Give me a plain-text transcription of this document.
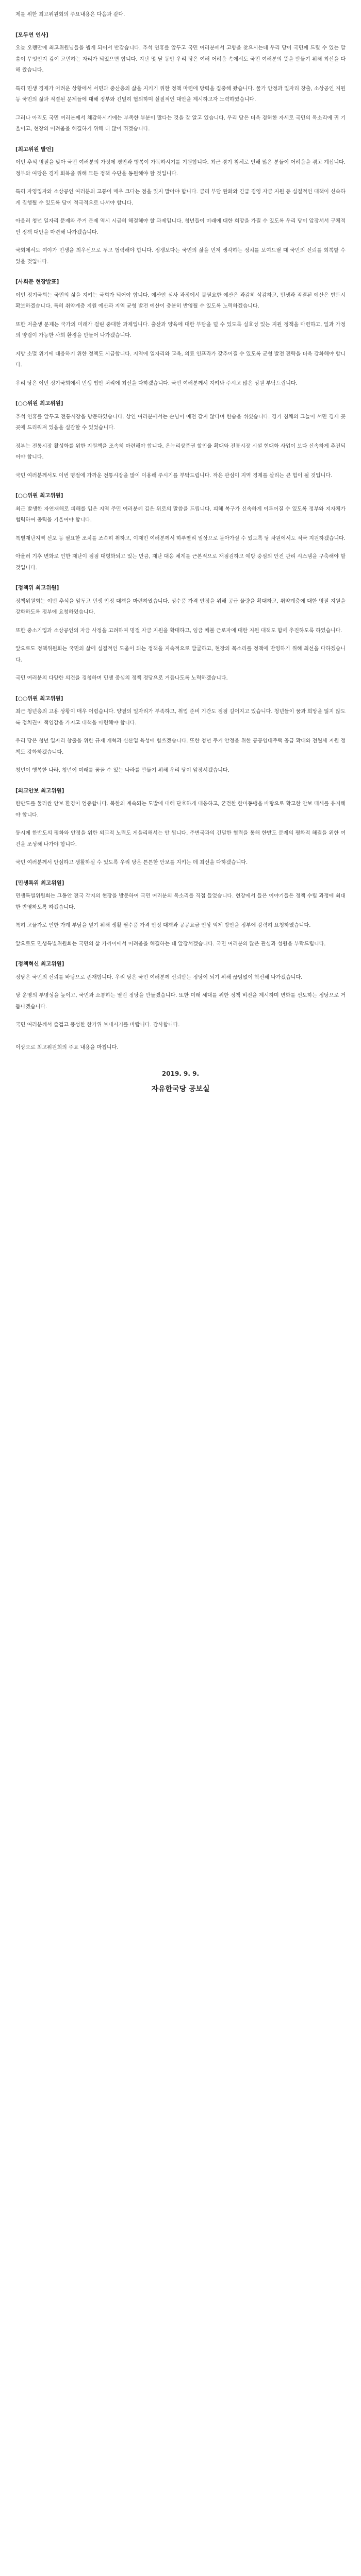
제를 위한 최고위원회의 주요내용은 다음과 같다.
[모두연 인사]
오늘 오랜만에 최고위원님들을 뵙게 되어서 반갑습니다. 추석 연휴를 앞두고 국민 여러분께서 고향을 찾으시는데 우리 당이 국민께 드릴 수 있는 말씀이 무엇인지 깊이 고민하는 자리가 되었으면 합니다. 지난 몇 달 동안 우리 당은 여러 어려움 속에서도 국민 여러분의 뜻을 받들기 위해 최선을 다해 왔습니다.
특히 민생 경제가 어려운 상황에서 서민과 중산층의 삶을 지키기 위한 정책 마련에 당력을 집중해 왔습니다. 물가 안정과 일자리 창출, 소상공인 지원 등 국민의 삶과 직결된 문제들에 대해 정부와 긴밀히 협의하며 실질적인 대안을 제시하고자 노력하였습니다.
그러나 아직도 국민 여러분께서 체감하시기에는 부족한 부분이 많다는 것을 잘 알고 있습니다. 우리 당은 더욱 겸허한 자세로 국민의 목소리에 귀 기울이고, 현장의 어려움을 해결하기 위해 더 많이 뛰겠습니다.
[최고위원 발언]
이번 추석 명절을 맞아 국민 여러분의 가정에 평안과 행복이 가득하시기를 기원합니다. 최근 경기 침체로 인해 많은 분들이 어려움을 겪고 계십니다. 정부와 여당은 경제 회복을 위해 모든 정책 수단을 동원해야 할 것입니다.
특히 자영업자와 소상공인 여러분의 고통이 매우 크다는 점을 잊지 말아야 합니다. 금리 부담 완화와 긴급 경영 자금 지원 등 실질적인 대책이 신속하게 집행될 수 있도록 당이 적극적으로 나서야 합니다.
아울러 청년 일자리 문제와 주거 문제 역시 시급히 해결해야 할 과제입니다. 청년들이 미래에 대한 희망을 가질 수 있도록 우리 당이 앞장서서 구체적인 정책 대안을 마련해 나가겠습니다.
국회에서도 여야가 민생을 최우선으로 두고 협력해야 합니다. 정쟁보다는 국민의 삶을 먼저 생각하는 정치를 보여드릴 때 국민의 신뢰를 회복할 수 있을 것입니다.
[사회문 현장발표]
이번 정기국회는 국민의 삶을 지키는 국회가 되어야 합니다. 예산안 심사 과정에서 불필요한 예산은 과감히 삭감하고, 민생과 직결된 예산은 반드시 확보하겠습니다. 특히 취약계층 지원 예산과 지역 균형 발전 예산이 충분히 반영될 수 있도록 노력하겠습니다.
또한 저출생 문제는 국가의 미래가 걸린 중대한 과제입니다. 출산과 양육에 대한 부담을 덜 수 있도록 실효성 있는 지원 정책을 마련하고, 일과 가정의 양립이 가능한 사회 환경을 만들어 나가겠습니다.
지방 소멸 위기에 대응하기 위한 정책도 시급합니다. 지역에 일자리와 교육, 의료 인프라가 갖추어질 수 있도록 균형 발전 전략을 더욱 강화해야 합니다.
우리 당은 이번 정기국회에서 민생 법안 처리에 최선을 다하겠습니다. 국민 여러분께서 지켜봐 주시고 많은 성원 부탁드립니다.
[○○위원 최고위원]
추석 연휴를 앞두고 전통시장을 방문하였습니다. 상인 여러분께서는 손님이 예전 같지 않다며 한숨을 쉬셨습니다. 경기 침체의 그늘이 서민 경제 곳곳에 드리워져 있음을 실감할 수 있었습니다.
정부는 전통시장 활성화를 위한 지원책을 조속히 마련해야 합니다. 온누리상품권 할인율 확대와 전통시장 시설 현대화 사업이 보다 신속하게 추진되어야 합니다.
국민 여러분께서도 이번 명절에 가까운 전통시장을 많이 이용해 주시기를 부탁드립니다. 작은 관심이 지역 경제를 살리는 큰 힘이 될 것입니다.
[○○위원 최고위원]
최근 발생한 자연재해로 피해를 입은 지역 주민 여러분께 깊은 위로의 말씀을 드립니다. 피해 복구가 신속하게 이루어질 수 있도록 정부와 지자체가 협력하여 총력을 기울여야 합니다.
특별재난지역 선포 등 필요한 조치를 조속히 취하고, 이재민 여러분께서 하루빨리 일상으로 돌아가실 수 있도록 당 차원에서도 적극 지원하겠습니다.
아울러 기후 변화로 인한 재난이 점점 대형화되고 있는 만큼, 재난 대응 체계를 근본적으로 재점검하고 예방 중심의 안전 관리 시스템을 구축해야 할 것입니다.
[정책위 최고위원]
정책위원회는 이번 추석을 앞두고 민생 안정 대책을 마련하였습니다. 성수품 가격 안정을 위해 공급 물량을 확대하고, 취약계층에 대한 명절 지원을 강화하도록 정부에 요청하였습니다.
또한 중소기업과 소상공인의 자금 사정을 고려하여 명절 자금 지원을 확대하고, 임금 체불 근로자에 대한 지원 대책도 함께 추진하도록 하였습니다.
앞으로도 정책위원회는 국민의 삶에 실질적인 도움이 되는 정책을 지속적으로 발굴하고, 현장의 목소리를 정책에 반영하기 위해 최선을 다하겠습니다.
국민 여러분의 다양한 의견을 경청하며 민생 중심의 정책 정당으로 거듭나도록 노력하겠습니다.
[○○위원 최고위원]
최근 청년층의 고용 상황이 매우 어렵습니다. 양질의 일자리가 부족하고, 취업 준비 기간도 점점 길어지고 있습니다. 청년들이 꿈과 희망을 잃지 않도록 정치권이 책임감을 가지고 대책을 마련해야 합니다.
우리 당은 청년 일자리 창출을 위한 규제 개혁과 신산업 육성에 힘쓰겠습니다. 또한 청년 주거 안정을 위한 공공임대주택 공급 확대와 전월세 지원 정책도 강화하겠습니다.
청년이 행복한 나라, 청년이 미래를 꿈꿀 수 있는 나라를 만들기 위해 우리 당이 앞장서겠습니다.
[외교안보 최고위원]
한반도를 둘러싼 안보 환경이 엄중합니다. 북한의 계속되는 도발에 대해 단호하게 대응하고, 굳건한 한미동맹을 바탕으로 확고한 안보 태세를 유지해야 합니다.
동시에 한반도의 평화와 안정을 위한 외교적 노력도 게을리해서는 안 됩니다. 주변국과의 긴밀한 협력을 통해 한반도 문제의 평화적 해결을 위한 여건을 조성해 나가야 합니다.
국민 여러분께서 안심하고 생활하실 수 있도록 우리 당은 튼튼한 안보를 지키는 데 최선을 다하겠습니다.
[민생특위 최고위원]
민생특별위원회는 그동안 전국 각지의 현장을 방문하여 국민 여러분의 목소리를 직접 들었습니다. 현장에서 들은 이야기들은 정책 수립 과정에 최대한 반영하도록 하겠습니다.
특히 고물가로 인한 가계 부담을 덜기 위해 생활 필수품 가격 안정 대책과 공공요금 인상 억제 방안을 정부에 강력히 요청하였습니다.
앞으로도 민생특별위원회는 국민의 삶 가까이에서 어려움을 해결하는 데 앞장서겠습니다. 국민 여러분의 많은 관심과 성원을 부탁드립니다.
[정책혁신 최고위원]
정당은 국민의 신뢰를 바탕으로 존재합니다. 우리 당은 국민 여러분께 신뢰받는 정당이 되기 위해 끊임없이 혁신해 나가겠습니다.
당 운영의 투명성을 높이고, 국민과 소통하는 열린 정당을 만들겠습니다. 또한 미래 세대를 위한 정책 비전을 제시하며 변화를 선도하는 정당으로 거듭나겠습니다.
국민 여러분께서 즐겁고 풍성한 한가위 보내시기를 바랍니다. 감사합니다.
이상으로 최고위원회의 주요 내용을 마칩니다.
2019. 9. 9.
자유한국당 공보실
